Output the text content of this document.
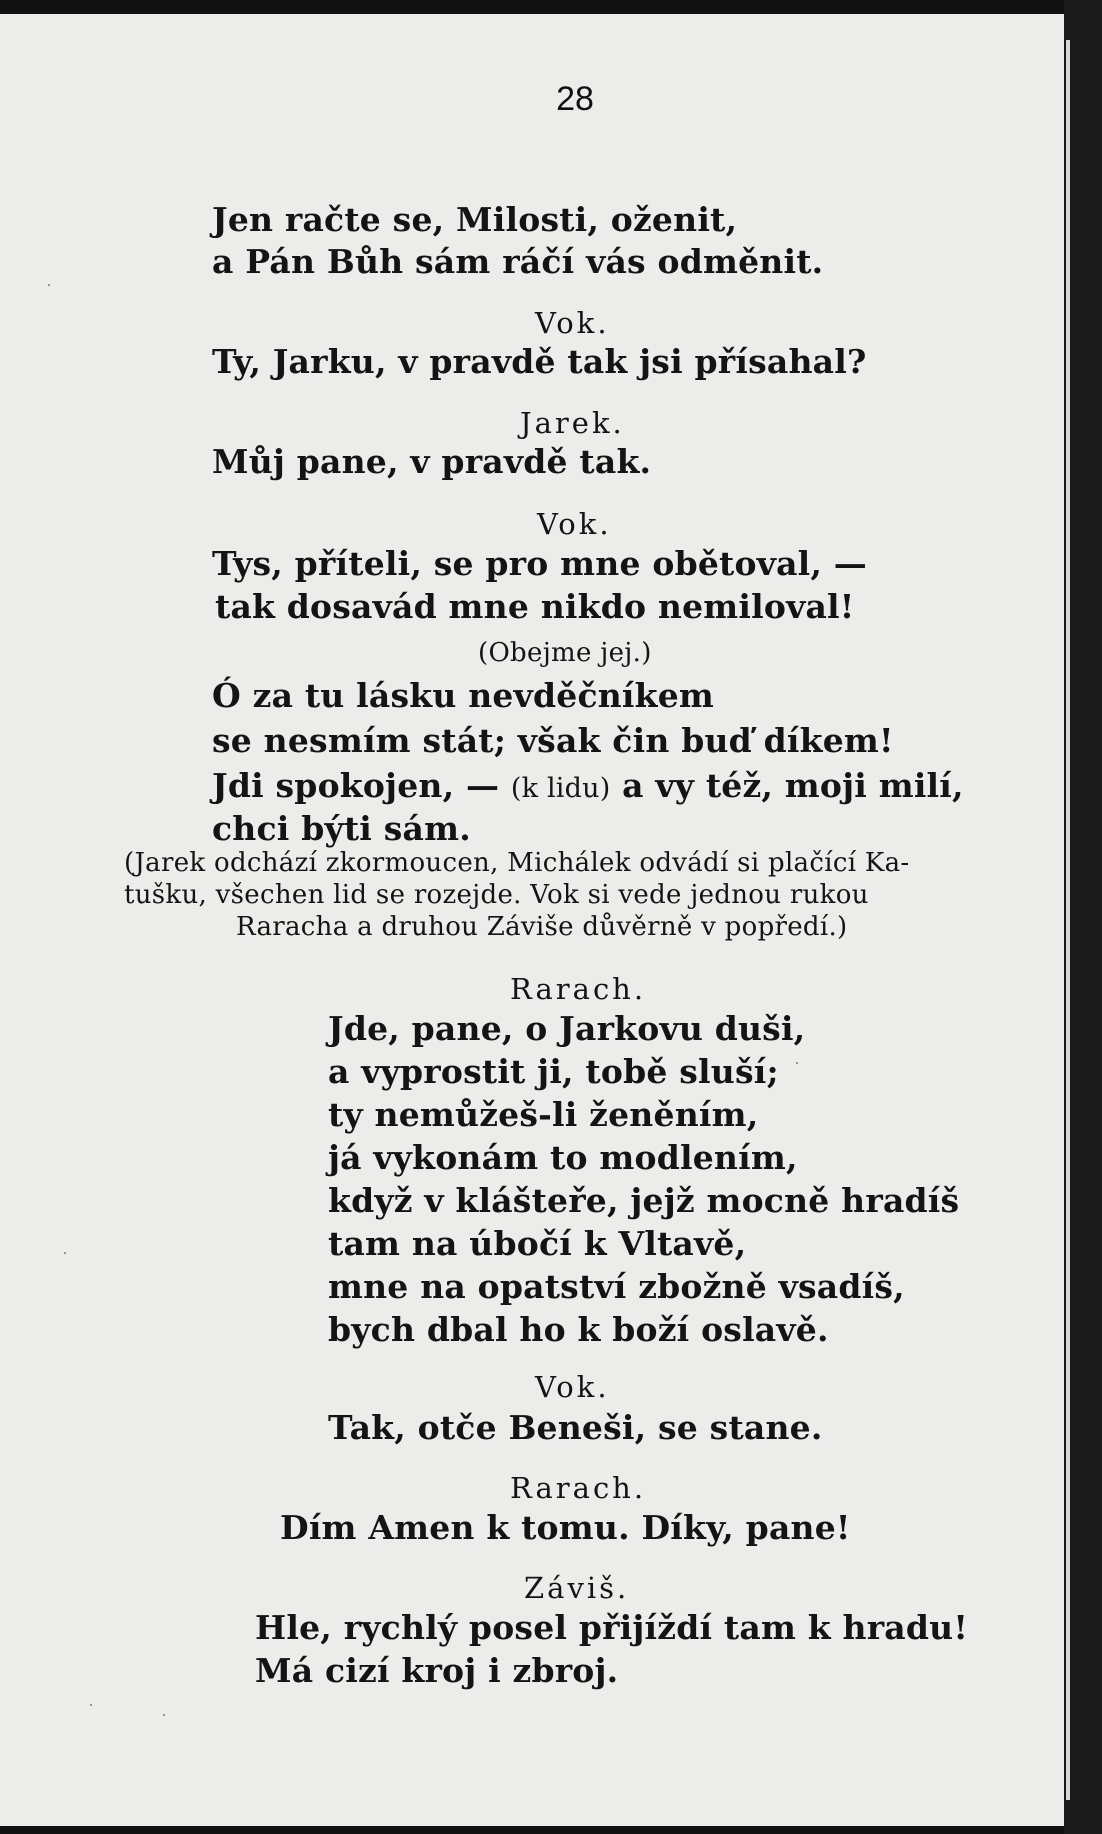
28

Jen račte se, Milosti, oženit,

a Pán Bůh sám ráčí vás odměnit.

Vok.

Ty, Jarku, v pravdě tak jsi přísahal?

Jarek.

Můj pane, v pravdě tak.

Vok.

Tys, příteli, se pro mne obětoval, —

tak dosavád mne nikdo nemiloval!

(Obejme jej.)

Ó za tu lásku nevděčníkem

se nesmím stát; však čin buď díkem!

Jdi spokojen, — (k lidu) a vy též, moji milí,

chci býti sám.

(Jarek odchází zkormoucen, Michálek odvádí si plačící Ka-

tušku, všechen lid se rozejde. Vok si vede jednou rukou

Raracha a druhou Záviše důvěrně v popředí.)

Rarach.

Jde, pane, o Jarkovu duši,

a vyprostit ji, tobě sluší;

ty nemůžeš-li ženěním,

já vykonám to modlením,

když v klášteře, jejž mocně hradíš

tam na úbočí k Vltavě,

mne na opatství zbožně vsadíš,

bych dbal ho k boží oslavě.

Vok.

Tak, otče Beneši, se stane.

Rarach.

Dím Amen k tomu. Díky, pane!

Záviš.

Hle, rychlý posel přijíždí tam k hradu!

Má cizí kroj i zbroj.
